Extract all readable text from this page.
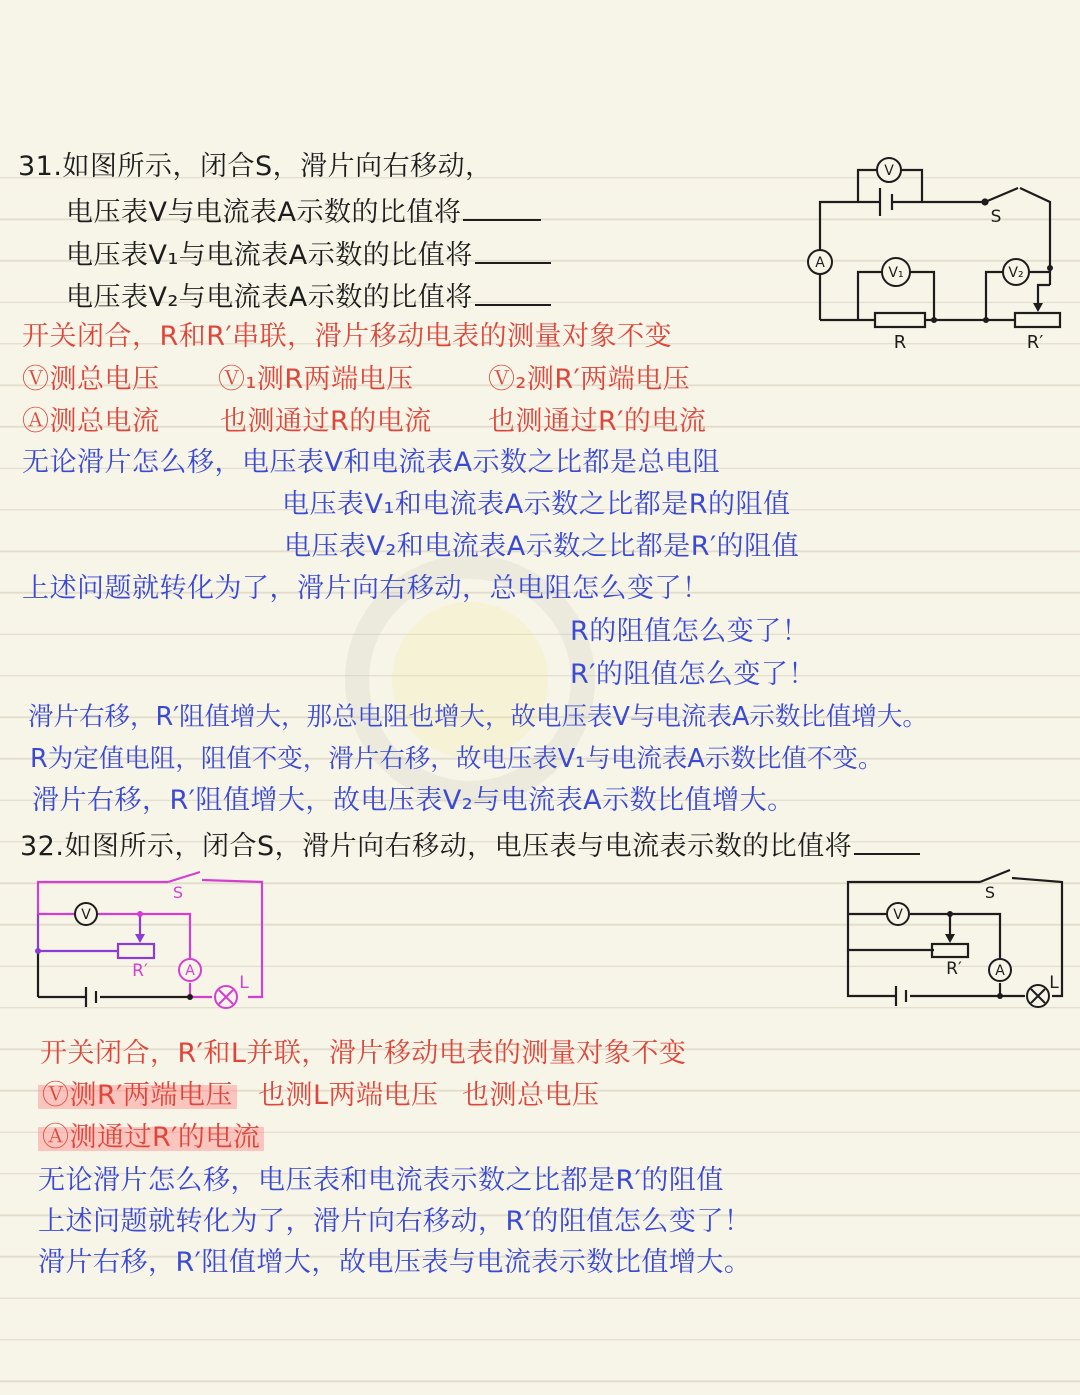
31.如图所示，闭合S，滑片向右移动，
电压表V与电流表A示数的比值将
电压表V₁与电流表A示数的比值将
电压表V₂与电流表A示数的比值将
开关闭合，R和R′串联，滑片移动电表的测量对象不变
Ⓥ测总电压 Ⓥ₁测R两端电压	Ⓥ₂测R′两端电压
Ⓐ测总电流 也测通过R的电流 也测通过R′的电流
无论滑片怎么移，电压表V和电流表A示数之比都是总电阻
电压表V₁和电流表A示数之比都是R的阻值
电压表V₂和电流表A示数之比都是R′的阻值
上述问题就转化为了，滑片向右移动，总电阻怎么变了！
R的阻值怎么变了！
R′的阻值怎么变了！
滑片右移，R′阻值增大，那总电阻也增大，故电压表V与电流表A示数比值增大。
R为定值电阻，阻值不变，滑片右移，故电压表V₁与电流表A示数比值不变。
滑片右移，R′阻值增大，故电压表V₂与电流表A示数比值增大。
V
A
V₁	V₂
S
R	R′
32.如图所示，闭合S，滑片向右移动，电压表与电流表示数的比值将
V
A
S
R′
L
V
A
S
R′
L
开关闭合，R′和L并联，滑片移动电表的测量对象不变
Ⓥ测R′两端电压 也测L两端电压 也测总电压
Ⓐ测通过R′的电流
无论滑片怎么移，电压表和电流表示数之比都是R′的阻值
上述问题就转化为了，滑片向右移动，R′的阻值怎么变了！
滑片右移，R′阻值增大，故电压表与电流表示数比值增大。
